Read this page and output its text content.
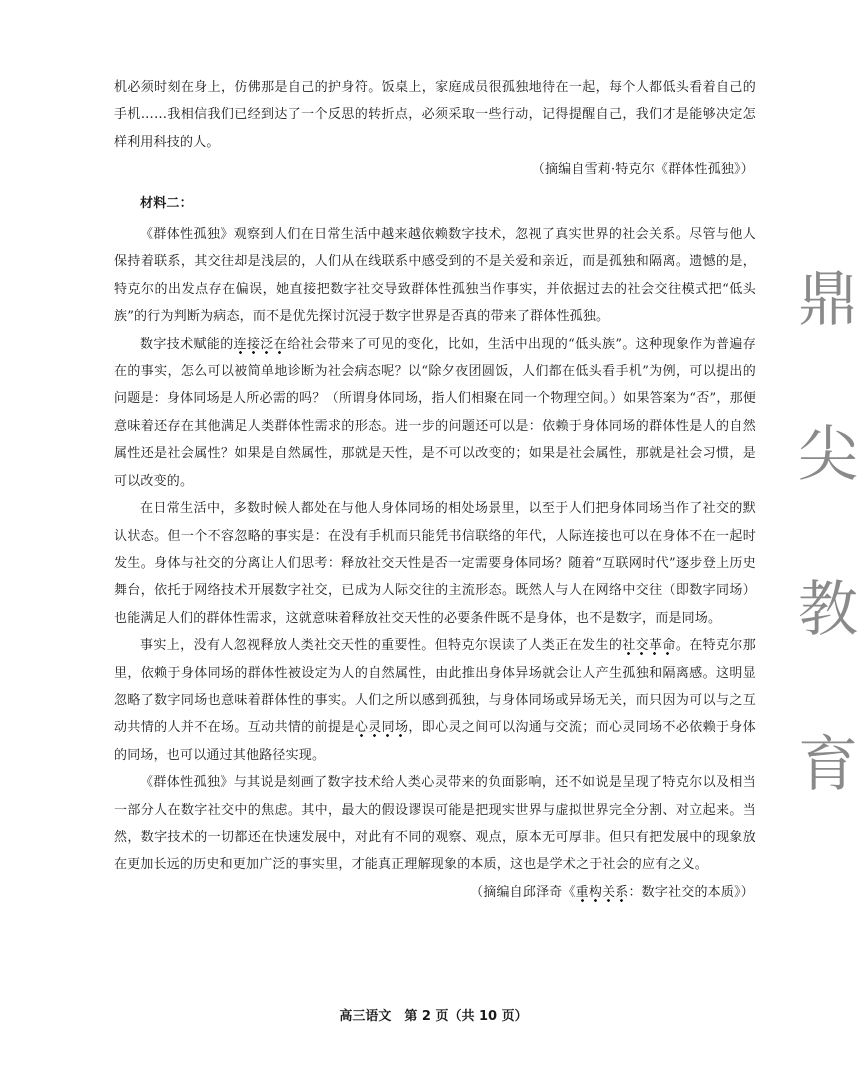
机必须时刻在身上，仿佛那是自己的护身符。饭桌上，家庭成员很孤独地待在一起，每个人都低头看着自己的手机……我相信我们已经到达了一个反思的转折点，必须采取一些行动，记得提醒自己，我们才是能够决定怎样利用科技的人。

（摘编自雪莉·特克尔《群体性孤独》）

材料二：

《群体性孤独》观察到人们在日常生活中越来越依赖数字技术，忽视了真实世界的社会关系。尽管与他人保持着联系，其交往却是浅层的，人们从在线联系中感受到的不是关爱和亲近，而是孤独和隔离。遗憾的是，特克尔的出发点存在偏误，她直接把数字社交导致群体性孤独当作事实，并依据过去的社会交往模式把“低头族”的行为判断为病态，而不是优先探讨沉浸于数字世界是否真的带来了群体性孤独。

数字技术赋能的连接泛在给社会带来了可见的变化，比如，生活中出现的“低头族”。这种现象作为普遍存在的事实，怎么可以被简单地诊断为社会病态呢？以“除夕夜团圆饭，人们都在低头看手机”为例，可以提出的问题是：身体同场是人所必需的吗？（所谓身体同场，指人们相聚在同一个物理空间。）如果答案为“否”，那便意味着还存在其他满足人类群体性需求的形态。进一步的问题还可以是：依赖于身体同场的群体性是人的自然属性还是社会属性？如果是自然属性，那就是天性，是不可以改变的；如果是社会属性，那就是社会习惯，是可以改变的。

在日常生活中，多数时候人都处在与他人身体同场的相处场景里，以至于人们把身体同场当作了社交的默认状态。但一个不容忽略的事实是：在没有手机而只能凭书信联络的年代，人际连接也可以在身体不在一起时发生。身体与社交的分离让人们思考：释放社交天性是否一定需要身体同场？随着“互联网时代”逐步登上历史舞台，依托于网络技术开展数字社交，已成为人际交往的主流形态。既然人与人在网络中交往（即数字同场）也能满足人们的群体性需求，这就意味着释放社交天性的必要条件既不是身体，也不是数字，而是同场。

事实上，没有人忽视释放人类社交天性的重要性。但特克尔误读了人类正在发生的社交革命。在特克尔那里，依赖于身体同场的群体性被设定为人的自然属性，由此推出身体异场就会让人产生孤独和隔离感。这明显忽略了数字同场也意味着群体性的事实。人们之所以感到孤独，与身体同场或异场无关，而只因为可以与之互动共情的人并不在场。互动共情的前提是心灵同场，即心灵之间可以沟通与交流；而心灵同场不必依赖于身体的同场，也可以通过其他路径实现。

《群体性孤独》与其说是刻画了数字技术给人类心灵带来的负面影响，还不如说是呈现了特克尔以及相当一部分人在数字社交中的焦虑。其中，最大的假设谬误可能是把现实世界与虚拟世界完全分割、对立起来。当然，数字技术的一切都还在快速发展中，对此有不同的观察、观点，原本无可厚非。但只有把发展中的现象放在更加长远的历史和更加广泛的事实里，才能真正理解现象的本质，这也是学术之于社会的应有之义。

（摘编自邱泽奇《重构关系：数字社交的本质》）

鼎
尖
教
育
高三语文　第 2 页（共 10 页）
